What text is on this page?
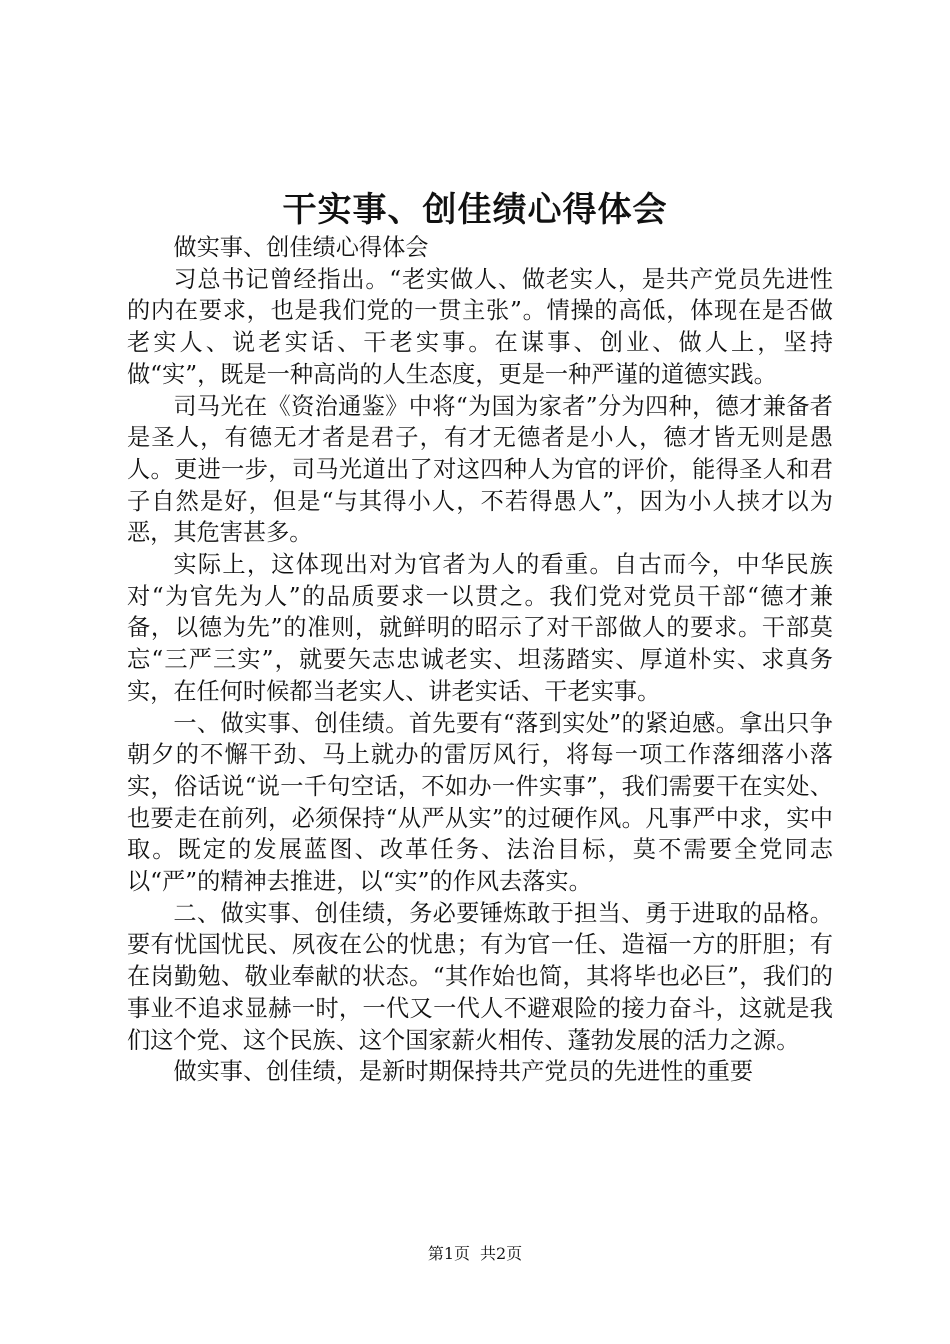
干实事、创佳绩心得体会

做实事、创佳绩心得体会

习总书记曾经指出。“老实做人、做老实人，是共产党员先进性的内在要求，也是我们党的一贯主张”。情操的高低，体现在是否做老实人、说老实话、干老实事。在谋事、创业、做人上，坚持做“实”，既是一种高尚的人生态度，更是一种严谨的道德实践。

司马光在《资治通鉴》中将“为国为家者”分为四种，德才兼备者是圣人，有德无才者是君子，有才无德者是小人，德才皆无则是愚人。更进一步，司马光道出了对这四种人为官的评价，能得圣人和君子自然是好，但是“与其得小人，不若得愚人”，因为小人挟才以为恶，其危害甚多。

实际上，这体现出对为官者为人的看重。自古而今，中华民族对“为官先为人”的品质要求一以贯之。我们党对党员干部“德才兼备，以德为先”的准则，就鲜明的昭示了对干部做人的要求。干部莫忘“三严三实”，就要矢志忠诚老实、坦荡踏实、厚道朴实、求真务实，在任何时候都当老实人、讲老实话、干老实事。

一、做实事、创佳绩。首先要有“落到实处”的紧迫感。拿出只争朝夕的不懈干劲、马上就办的雷厉风行，将每一项工作落细落小落实，俗话说“说一千句空话，不如办一件实事”，我们需要干在实处、也要走在前列，必须保持“从严从实”的过硬作风。凡事严中求，实中取。既定的发展蓝图、改革任务、法治目标，莫不需要全党同志以“严”的精神去推进，以“实”的作风去落实。

二、做实事、创佳绩，务必要锤炼敢于担当、勇于进取的品格。要有忧国忧民、夙夜在公的忧患；有为官一任、造福一方的肝胆；有在岗勤勉、敬业奉献的状态。“其作始也简，其将毕也必巨”，我们的事业不追求显赫一时，一代又一代人不避艰险的接力奋斗，这就是我们这个党、这个民族、这个国家薪火相传、蓬勃发展的活力之源。

做实事、创佳绩，是新时期保持共产党员的先进性的重要

第1页 共2页
